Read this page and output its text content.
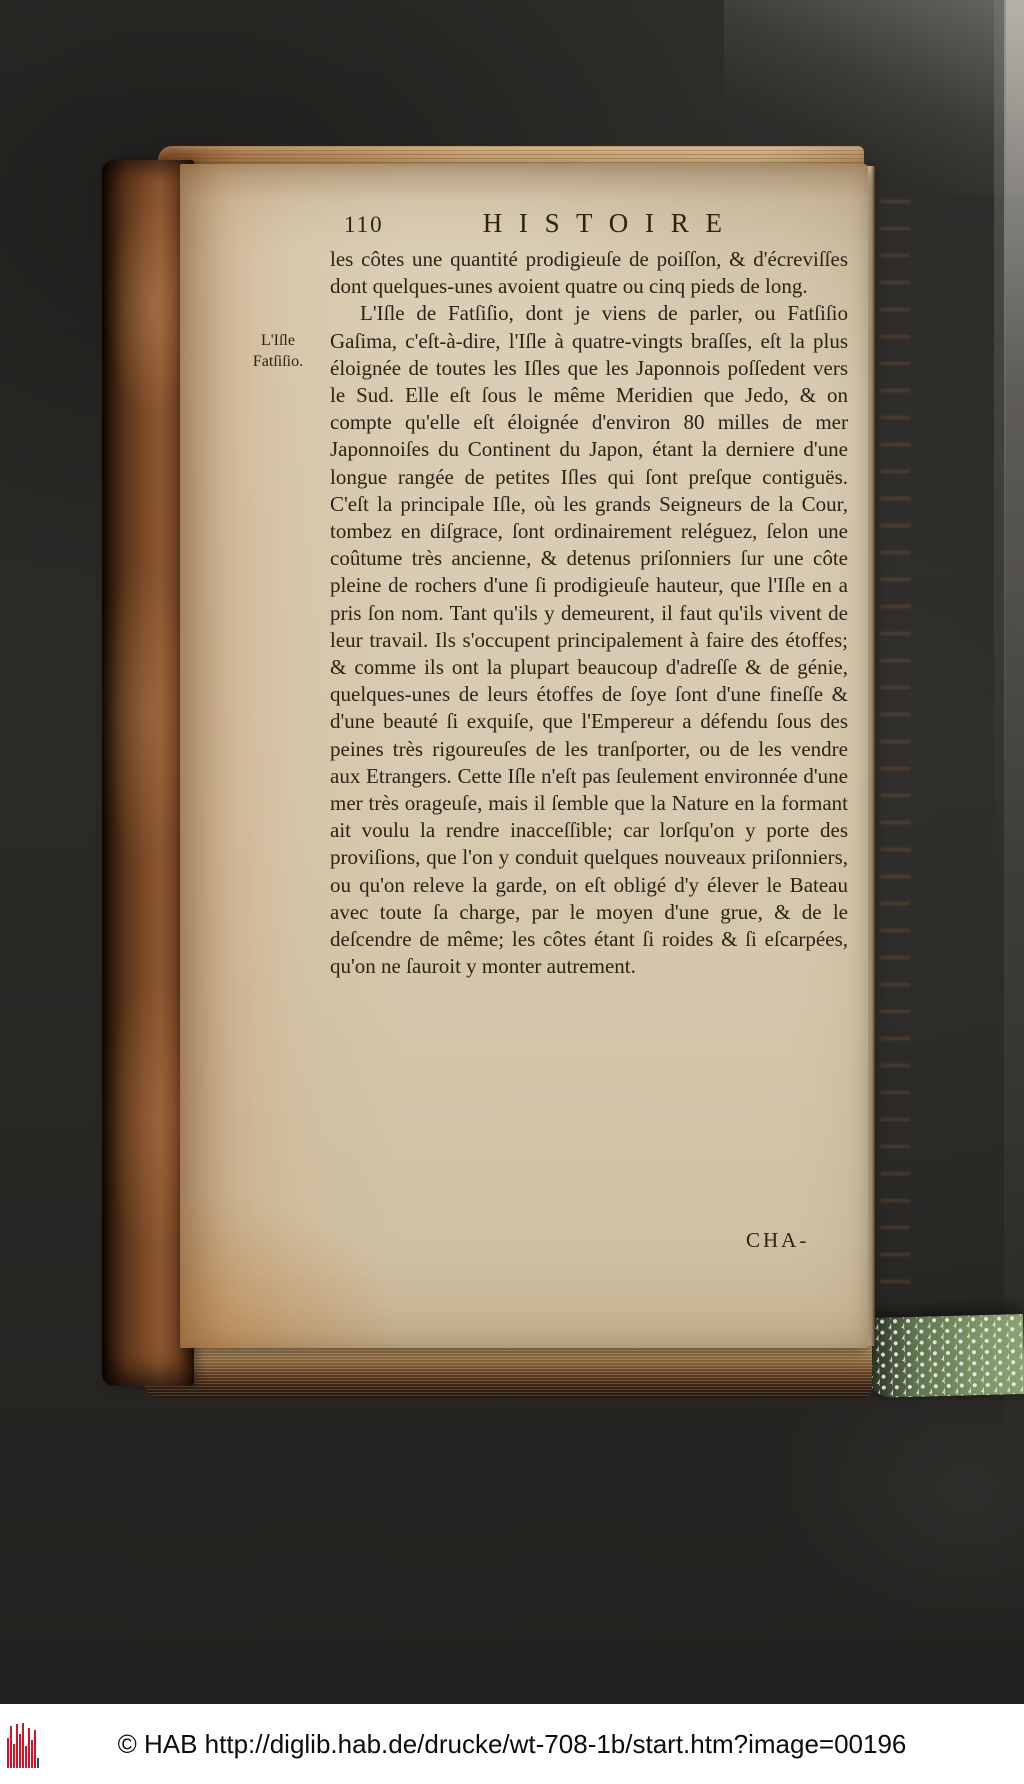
110	H I S T O I R E
L'Iſle
Fatſiſio.

les côtes une quantité prodigieuſe de poiſſon, & d'écreviſſes dont quelques-unes avoient quatre ou cinq pieds de long.

L'Iſle de Fatſiſio, dont je viens de parler, ou Fatſiſio Gaſima, c'eſt-à-dire, l'Iſle à quatre-vingts braſſes, eſt la plus éloignée de toutes les Iſles que les Japonnois poſſedent vers le Sud. Elle eſt ſous le même Meridien que Jedo, & on compte qu'elle eſt éloignée d'environ 80 milles de mer Japonnoiſes du Continent du Japon, étant la derniere d'une longue rangée de petites Iſles qui ſont preſque contiguës. C'eſt la principale Iſle, où les grands Seigneurs de la Cour, tombez en diſgrace, ſont ordinairement reléguez, ſelon une coûtume très ancienne, & detenus priſonniers ſur une côte pleine de rochers d'une ſi prodigieuſe hauteur, que l'Iſle en a pris ſon nom. Tant qu'ils y demeurent, il faut qu'ils vivent de leur travail. Ils s'occupent principalement à faire des étoffes; & comme ils ont la plupart beaucoup d'adreſſe & de génie, quelques-unes de leurs étoffes de ſoye ſont d'une fineſſe & d'une beauté ſi exquiſe, que l'Empereur a défendu ſous des peines très rigoureuſes de les tranſporter, ou de les vendre aux Etrangers. Cette Iſle n'eſt pas ſeulement environnée d'une mer très orageuſe, mais il ſemble que la Nature en la formant ait voulu la rendre inacceſſible; car lorſqu'on y porte des proviſions, que l'on y conduit quelques nouveaux priſonniers, ou qu'on releve la garde, on eſt obligé d'y élever le Bateau avec toute ſa charge, par le moyen d'une grue, & de le deſcendre de même; les côtes étant ſi roides & ſi eſcarpées, qu'on ne ſauroit y monter autrement.

CHA-
© HAB http://diglib.hab.de/drucke/wt-708-1b/start.htm?image=00196
